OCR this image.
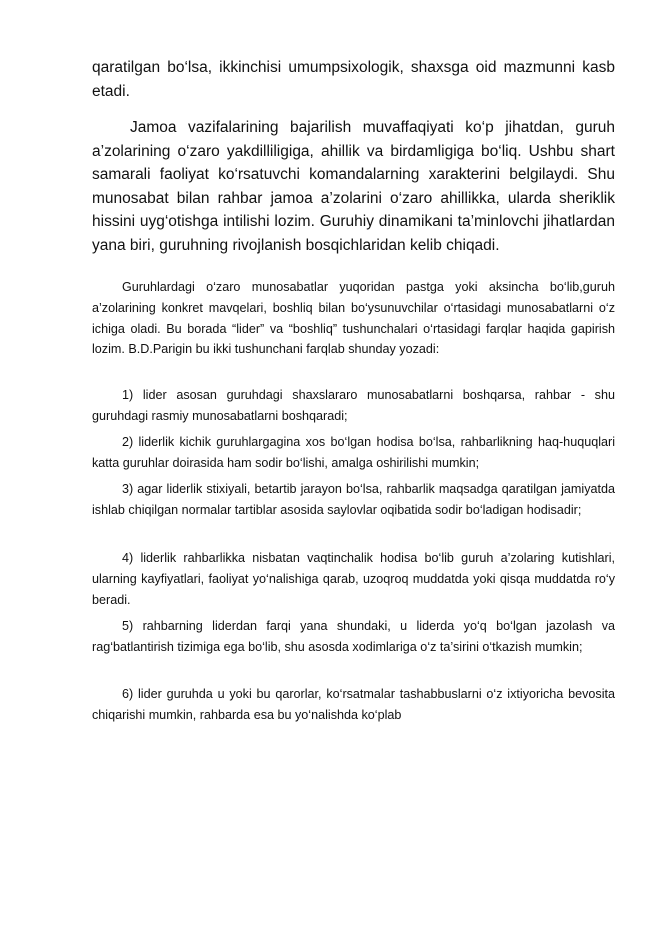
qaratilgan bo‘lsa, ikkinchisi umumpsixologik, shaxsga oid mazmunni kasb etadi.

Jamoa vazifalarining bajarilish muvaffaqiyati ko‘p jihatdan, guruh a’zolarining o‘zaro yakdilliligiga, ahillik va birdamligiga bo‘liq. Ushbu shart samarali faoliyat ko‘rsatuvchi komandalarning xarakterini belgilaydi. Shu munosabat bilan rahbar jamoa a’zolarini o‘zaro ahillikka, ularda sheriklik hissini uyg‘otishga intilishi lozim. Guruhiy dinamikani ta’minlovchi jihatlardan yana biri, guruhning rivojlanish bosqichlaridan kelib chiqadi.

Guruhlardagi o‘zaro munosabatlar yuqoridan pastga yoki aksincha bo‘lib,guruh a’zolarining konkret mavqelari, boshliq bilan bo‘ysunuvchilar o‘rtasidagi munosabatlarni o‘z ichiga oladi. Bu borada “lider” va “boshliq” tushunchalari o‘rtasidagi farqlar haqida gapirish lozim. B.D.Parigin bu ikki tushunchani farqlab shunday yozadi:

1) lider asosan guruhdagi shaxslararo munosabatlarni boshqarsa, rahbar - shu guruhdagi rasmiy munosabatlarni boshqaradi;

2) liderlik kichik guruhlargagina xos bo‘lgan hodisa bo‘lsa, rahbarlikning haq-huquqlari katta guruhlar doirasida ham sodir bo‘lishi, amalga oshirilishi mumkin;

3) agar liderlik stixiyali, betartib jarayon bo‘lsa, rahbarlik maqsadga qaratilgan jamiyatda ishlab chiqilgan normalar tartiblar asosida saylovlar oqibatida sodir bo‘ladigan hodisadir;

4) liderlik rahbarlikka nisbatan vaqtinchalik hodisa bo‘lib guruh a’zolaring kutishlari, ularning kayfiyatlari, faoliyat yo‘nalishiga qarab, uzoqroq muddatda yoki qisqa muddatda ro‘y beradi.

5) rahbarning liderdan farqi yana shundaki, u liderda yo‘q bo‘lgan jazolash va rag‘batlantirish tizimiga ega bo‘lib, shu asosda xodimlariga o‘z ta’sirini o‘tkazish mumkin;

6) lider guruhda u yoki bu qarorlar, ko‘rsatmalar tashabbuslarni o‘z ixtiyoricha bevosita chiqarishi mumkin, rahbarda esa bu yo‘nalishda ko‘plab
